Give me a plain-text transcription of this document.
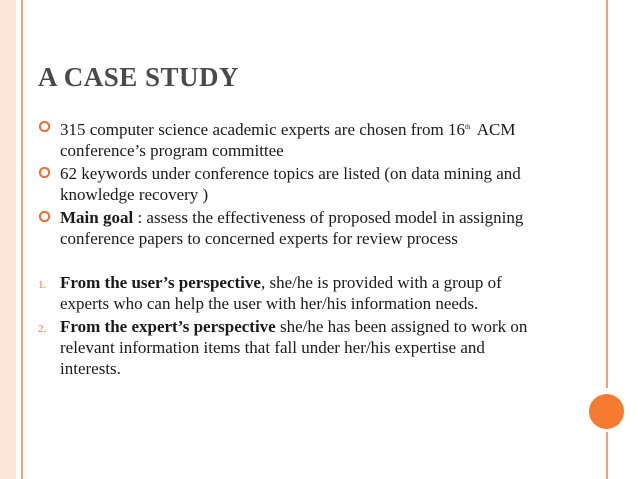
A CASE STUDY
315 computer science academic experts are chosen from 16th ACM conference’s program committee
62 keywords under conference topics are listed (on data mining and knowledge recovery )
Main goal : assess the effectiveness of proposed model in assigning conference papers to concerned experts for review process
1. From the user’s perspective, she/he is provided with a group of experts who can help the user with her/his information needs.
2. From the expert’s perspective she/he has been assigned to work on relevant information items that fall under her/his expertise and interests.
